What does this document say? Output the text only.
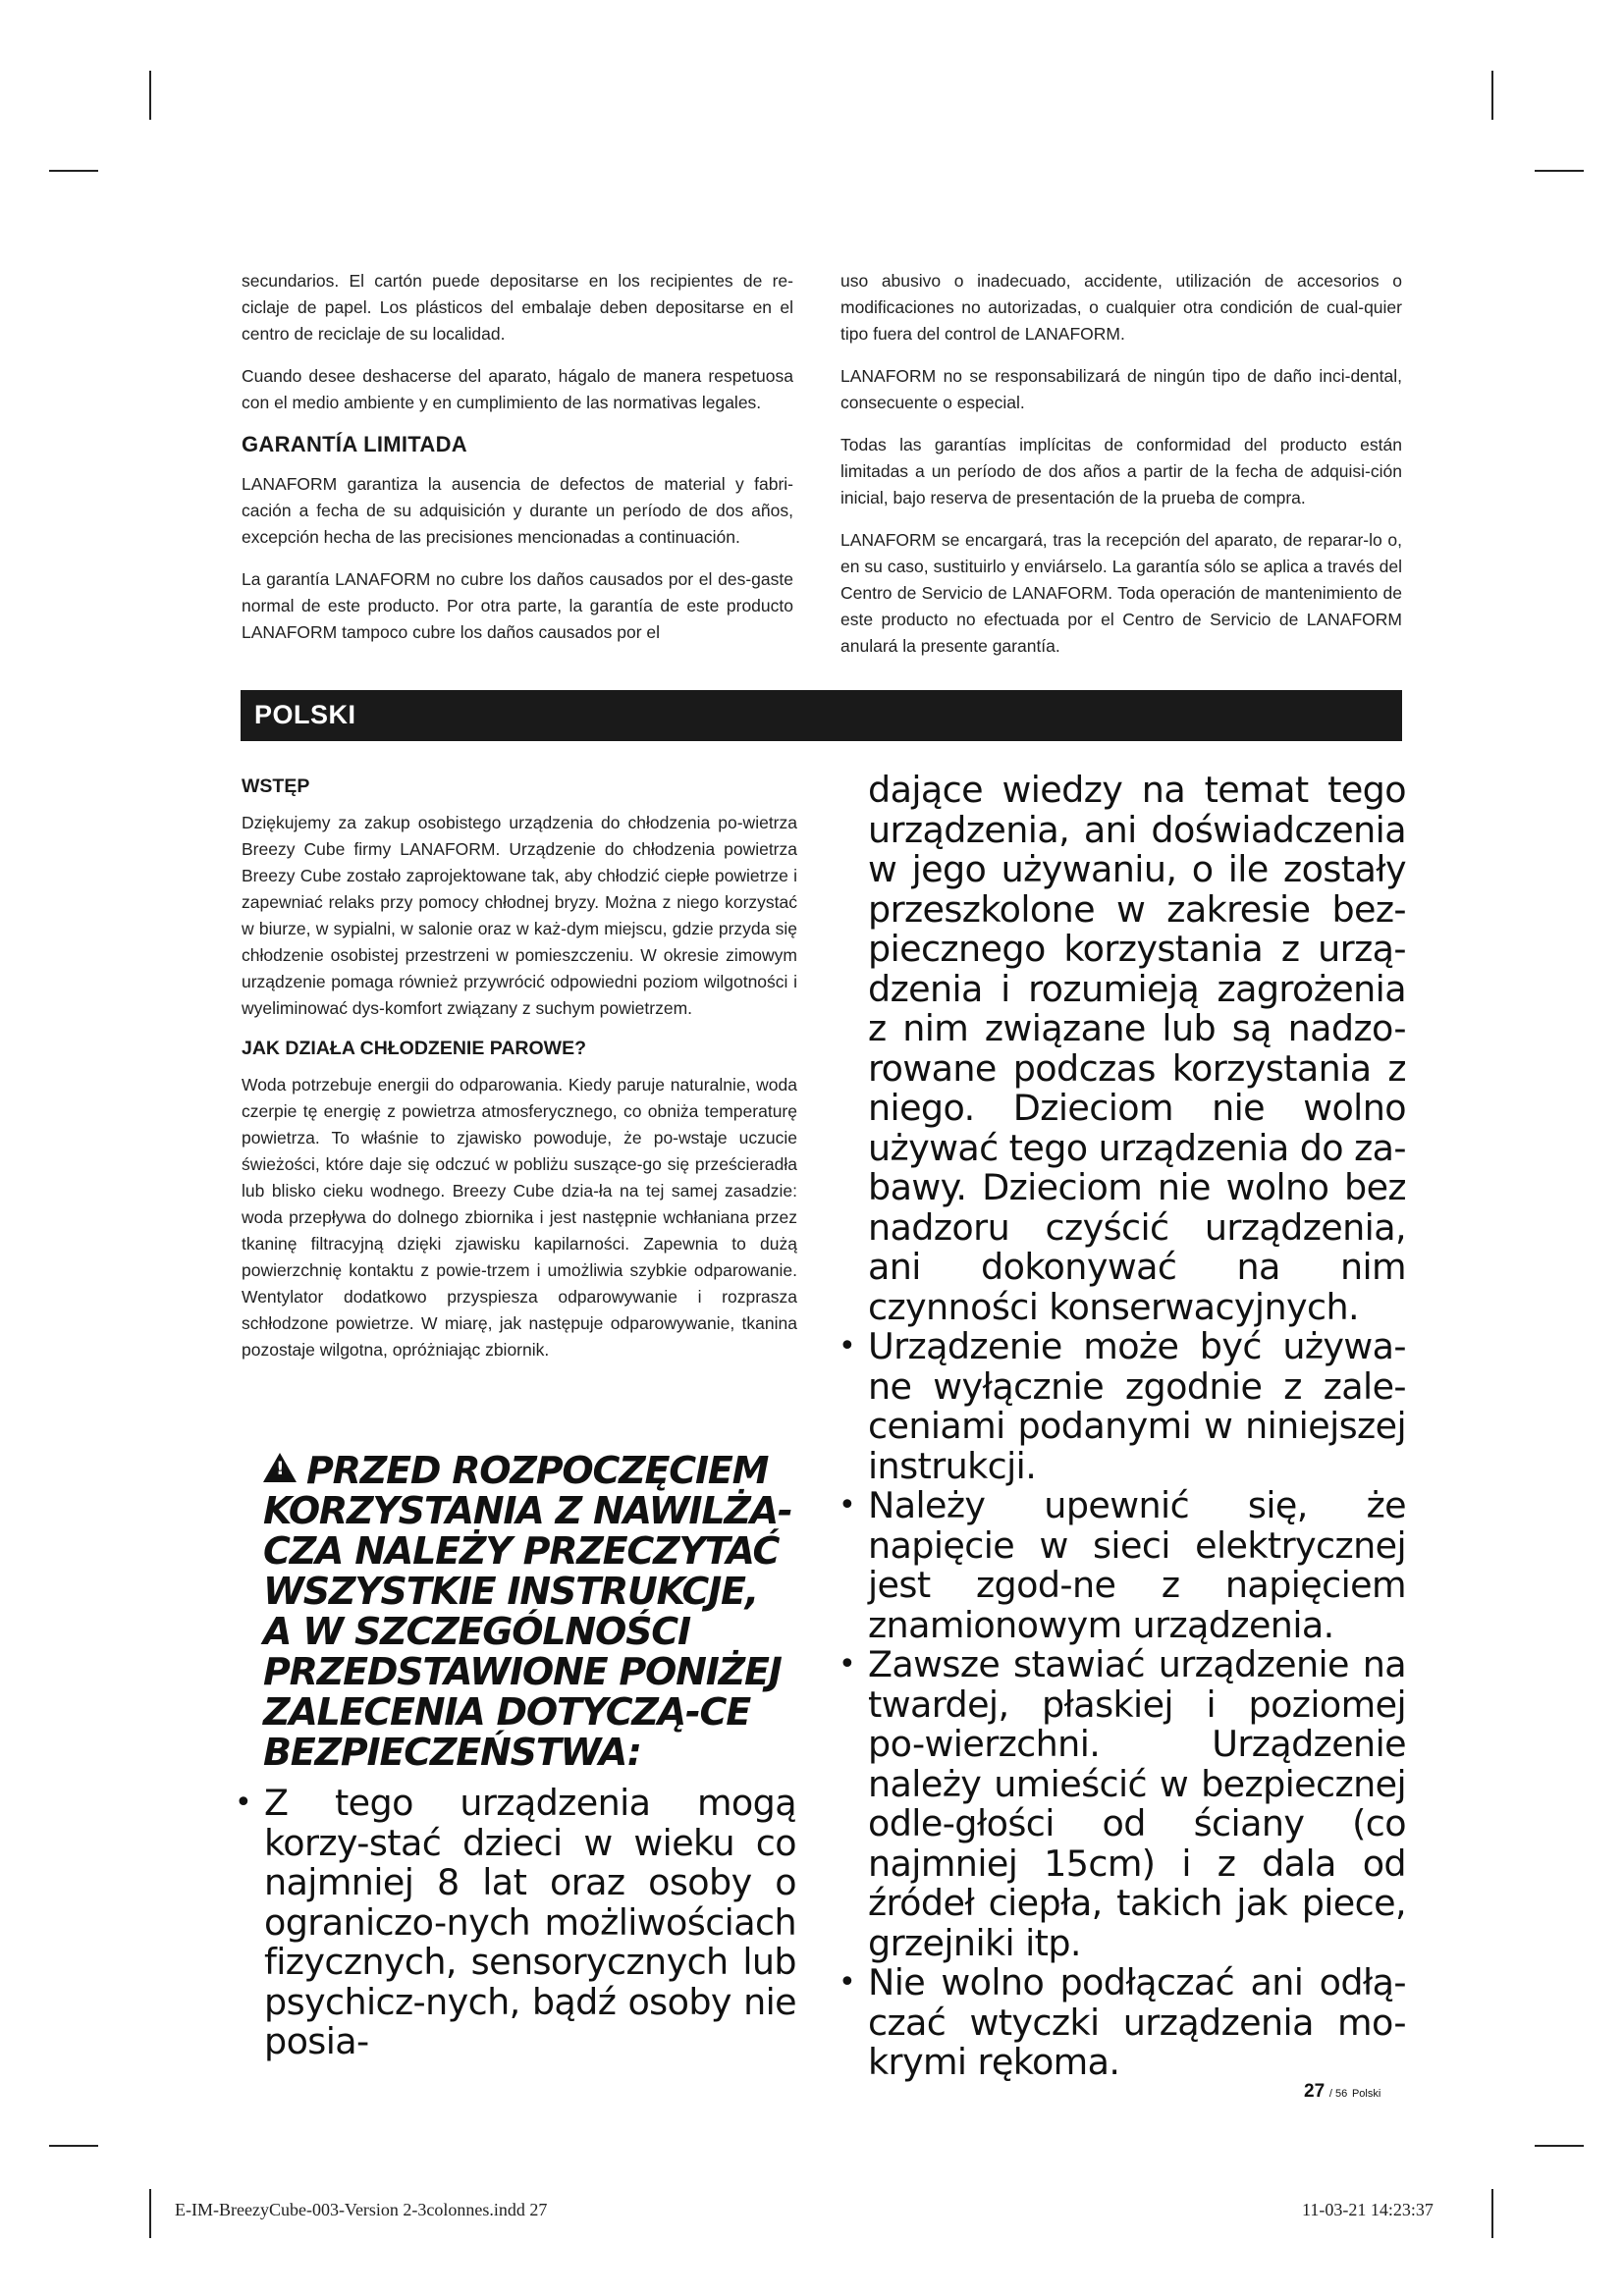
secundarios. El cartón puede depositarse en los recipientes de re-ciclaje de papel. Los plásticos del embalaje deben depositarse en el centro de reciclaje de su localidad.

Cuando desee deshacerse del aparato, hágalo de manera respetuosa con el medio ambiente y en cumplimiento de las normativas legales.

GARANTÍA LIMITADA

LANAFORM garantiza la ausencia de defectos de material y fabri-cación a fecha de su adquisición y durante un período de dos años, excepción hecha de las precisiones mencionadas a continuación.

La garantía LANAFORM no cubre los daños causados por el des-gaste normal de este producto. Por otra parte, la garantía de este producto LANAFORM tampoco cubre los daños causados por el

uso abusivo o inadecuado, accidente, utilización de accesorios o modificaciones no autorizadas, o cualquier otra condición de cual-quier tipo fuera del control de LANAFORM.

LANAFORM no se responsabilizará de ningún tipo de daño inci-dental, consecuente o especial.

Todas las garantías implícitas de conformidad del producto están limitadas a un período de dos años a partir de la fecha de adquisi-ción inicial, bajo reserva de presentación de la prueba de compra.

LANAFORM se encargará, tras la recepción del aparato, de reparar-lo o, en su caso, sustituirlo y enviárselo. La garantía sólo se aplica a través del Centro de Servicio de LANAFORM. Toda operación de mantenimiento de este producto no efectuada por el Centro de Servicio de LANAFORM anulará la presente garantía.

POLSKI
WSTĘP

Dziękujemy za zakup osobistego urządzenia do chłodzenia po-wietrza Breezy Cube firmy LANAFORM. Urządzenie do chłodzenia powietrza Breezy Cube zostało zaprojektowane tak, aby chłodzić ciepłe powietrze i zapewniać relaks przy pomocy chłodnej bryzy. Można z niego korzystać w biurze, w sypialni, w salonie oraz w każ-dym miejscu, gdzie przyda się chłodzenie osobistej przestrzeni w pomieszczeniu. W okresie zimowym urządzenie pomaga również przywrócić odpowiedni poziom wilgotności i wyeliminować dys-komfort związany z suchym powietrzem.

JAK DZIAŁA CHŁODZENIE PAROWE?

Woda potrzebuje energii do odparowania. Kiedy paruje naturalnie, woda czerpie tę energię z powietrza atmosferycznego, co obniża temperaturę powietrza. To właśnie to zjawisko powoduje, że po-wstaje uczucie świeżości, które daje się odczuć w pobliżu suszące-go się prześcieradła lub blisko cieku wodnego. Breezy Cube dzia-ła na tej samej zasadzie: woda przepływa do dolnego zbiornika i jest następnie wchłaniana przez tkaninę filtracyjną dzięki zjawisku kapilarności. Zapewnia to dużą powierzchnię kontaktu z powie-trzem i umożliwia szybkie odparowanie. Wentylator dodatkowo przyspiesza odparowywanie i rozprasza schłodzone powietrze. W miarę, jak następuje odparowywanie, tkanina pozostaje wilgotna, opróżniając zbiornik.

!PRZED ROZPOCZĘCIEM KORZYSTANIA Z NAWILŻA-CZA NALEŻY PRZECZYTAĆ WSZYSTKIE INSTRUKCJE, A W SZCZEGÓLNOŚCI PRZEDSTAWIONE PONIŻEJ ZALECENIA DOTYCZĄ-CE BEZPIECZEŃSTWA:
• Z tego urządzenia mogą korzy-stać dzieci w wieku co najmniej 8 lat oraz osoby o ograniczo-nych możliwościach fizycznych, sensorycznych lub psychicz-nych, bądź osoby nie posia-

dające wiedzy na temat tego urządzenia, ani doświadczenia w jego używaniu, o ile zostały przeszkolone w zakresie bez-piecznego korzystania z urzą-dzenia i rozumieją zagrożenia z nim związane lub są nadzo-rowane podczas korzystania z niego. Dzieciom nie wolno używać tego urządzenia do za-bawy. Dzieciom nie wolno bez nadzoru czyścić urządzenia, ani dokonywać na nim czynności konserwacyjnych.

• Urządzenie może być używa-ne wyłącznie zgodnie z zale-ceniami podanymi w niniejszej instrukcji.
• Należy upewnić się, że napięcie w sieci elektrycznej jest zgod-ne z napięciem znamionowym urządzenia.
• Zawsze stawiać urządzenie na twardej, płaskiej i poziomej po-wierzchni. Urządzenie należy umieścić w bezpiecznej odle-głości od ściany (co najmniej 15cm) i z dala od źródeł ciepła, takich jak piece, grzejniki itp.
• Nie wolno podłączać ani odłą-czać wtyczki urządzenia mo-krymi rękoma.
27 / 56 Polski
E-IM-BreezyCube-003-Version 2-3colonnes.indd 27	11-03-21 14:23:37
